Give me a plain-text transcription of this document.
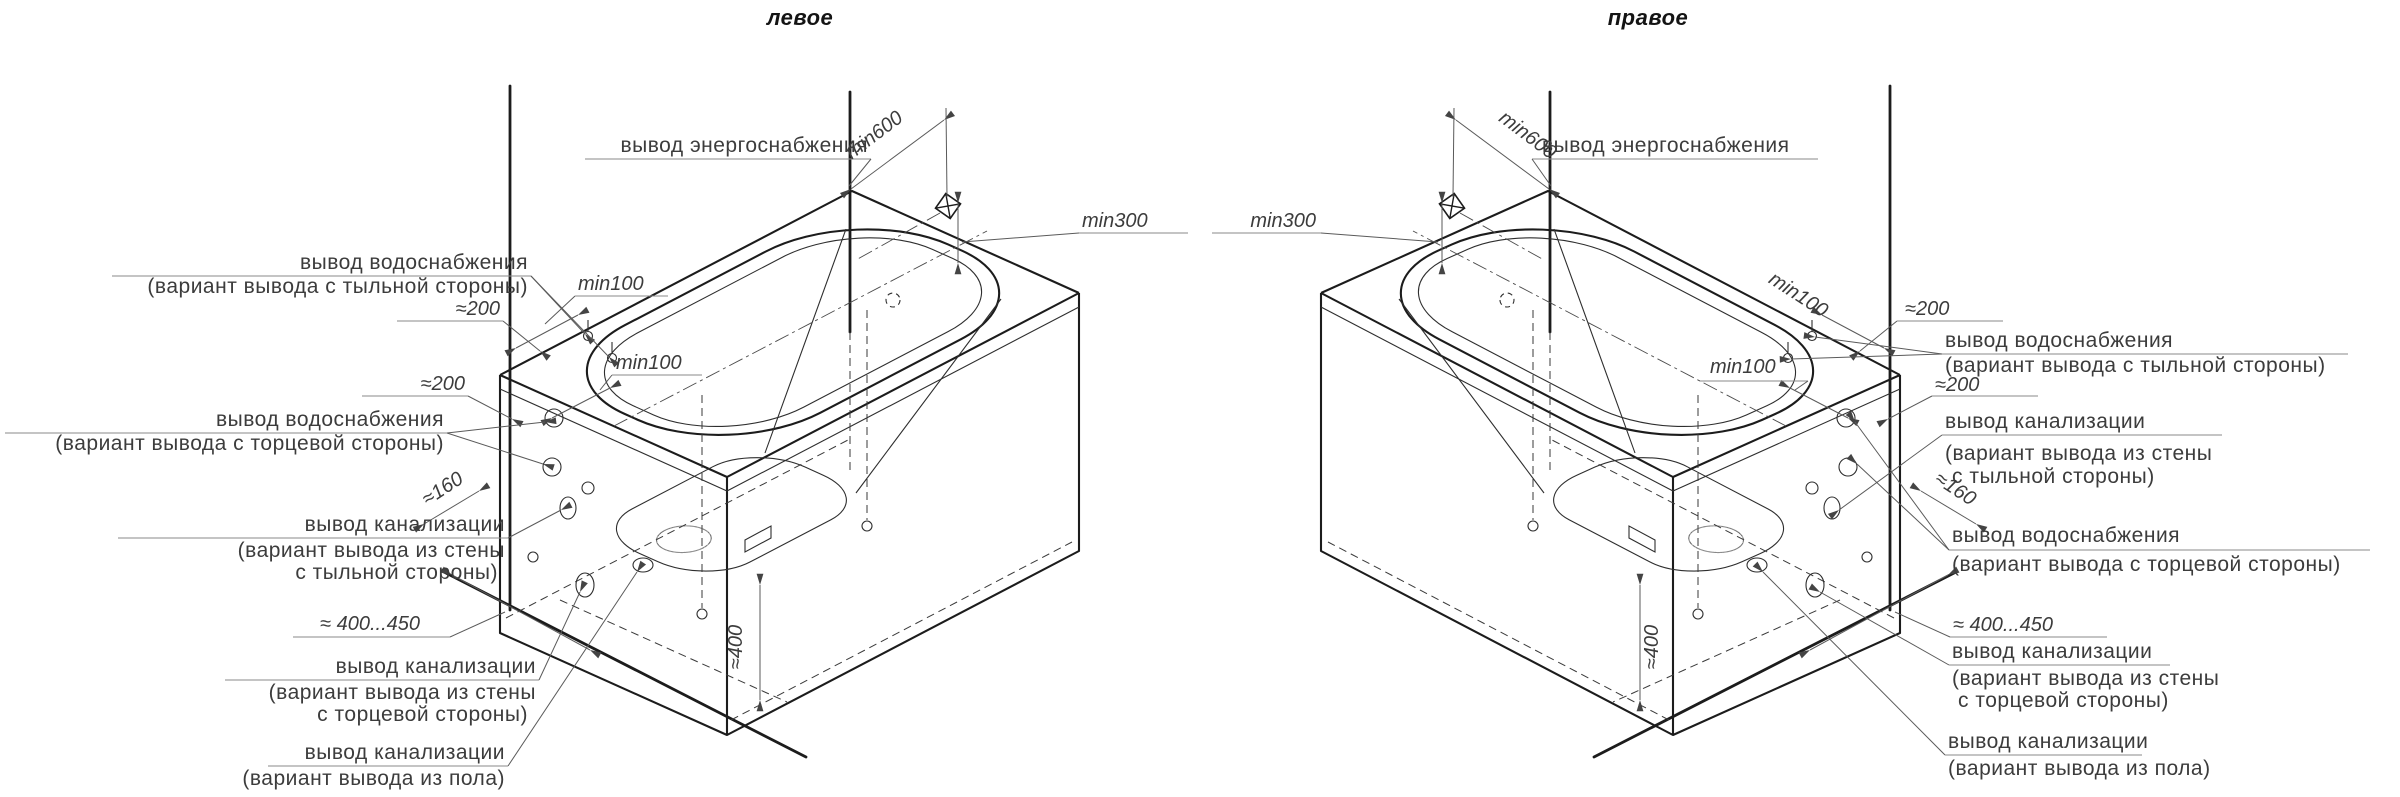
левое
вывод энергоснабжения
min600
min300
вывод водоснабжения
(вариант вывода с тыльной стороны)	min100
≈200
min100
≈200
вывод водоснабжения
(вариант вывода с торцевой стороны)
≈160
вывод канализации
(вариант вывода из стены
с тыльной стороны)
≈ 400...450
≈400
вывод канализации
(вариант вывода из стены
с торцевой стороны)
вывод канализации
(вариант вывода из пола)
правое
вывод энергоснабжения
min600
min300
min100	≈200
вывод водоснабжения
(вариант вывода с тыльной стороны)
min100
≈200
вывод канализации
(вариант вывода из стены
с тыльной стороны)
≈160
вывод водоснабжения
(вариант вывода с торцевой стороны)
≈ 400...450
≈400	вывод канализации
(вариант вывода из стены
с торцевой стороны)
вывод канализации
(вариант вывода из пола)
